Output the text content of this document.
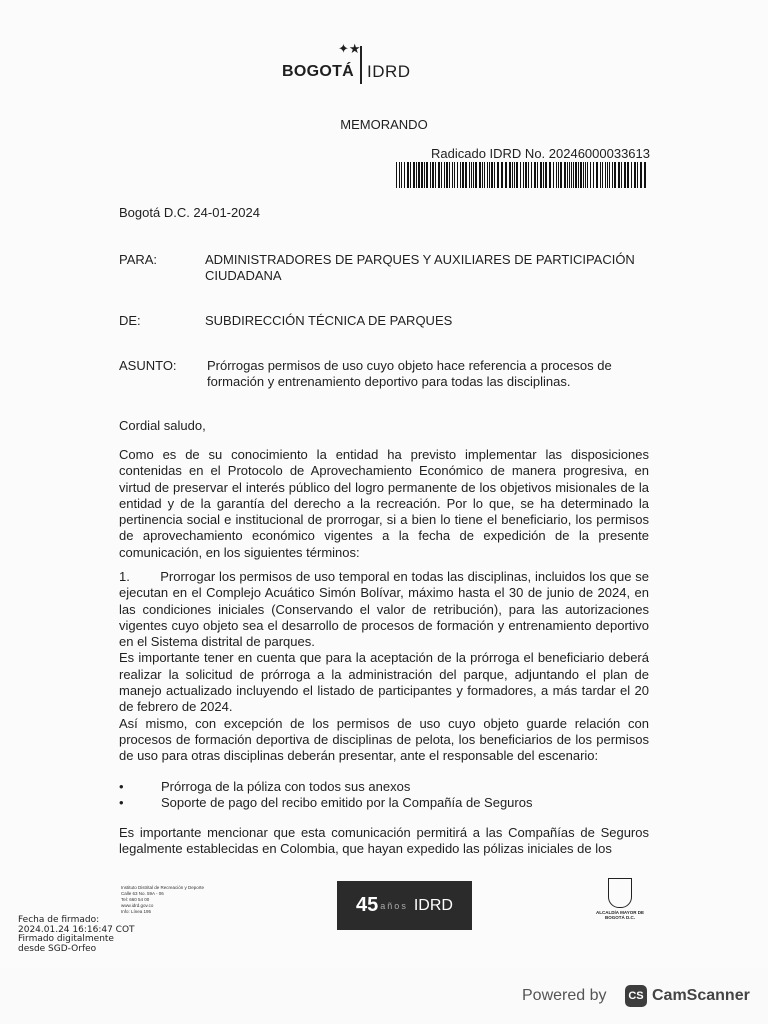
BOGOTÁ
✦★
IDRD
MEMORANDO
Radicado IDRD No. 20246000033613
Bogotá D.C. 24-01-2024
PARA:	ADMINISTRADORES DE PARQUES Y AUXILIARES DE PARTICIPACIÓN CIUDADANA
DE:	SUBDIRECCIÓN TÉCNICA DE PARQUES
ASUNTO: Prórrogas permisos de uso cuyo objeto hace referencia a procesos de formación y entrenamiento deportivo para todas las disciplinas.
Cordial saludo,
Como es de su conocimiento la entidad ha previsto implementar las disposiciones contenidas en el Protocolo de Aprovechamiento Económico de manera progresiva, en virtud de preservar el interés público del logro permanente de los objetivos misionales de la entidad y de la garantía del derecho a la recreación. Por lo que, se ha determinado la pertinencia social e institucional de prorrogar, si a bien lo tiene el beneficiario, los permisos de aprovechamiento económico vigentes a la fecha de expedición de la presente comunicación, en los siguientes términos:

1.        Prorrogar los permisos de uso temporal en todas las disciplinas, incluidos los que se ejecutan en el Complejo Acuático Simón Bolívar, máximo hasta el 30 de junio de 2024, en las condiciones iniciales (Conservando el valor de retribución), para las autorizaciones vigentes cuyo objeto sea el desarrollo de procesos de formación y entrenamiento deportivo en el Sistema distrital de parques.

Es importante tener en cuenta que para la aceptación de la prórroga el beneficiario deberá realizar la solicitud de prórroga a la administración del parque, adjuntando el plan de manejo actualizado incluyendo el listado de participantes y formadores, a más tardar el 20 de febrero de 2024.

Así mismo, con excepción de los permisos de uso cuyo objeto guarde relación con procesos de formación deportiva de disciplinas de pelota, los beneficiarios de los permisos de uso para otras disciplinas deberán presentar, ante el responsable del escenario:

•	Prórroga de la póliza con todos sus anexos
•	Soporte de pago del recibo emitido por la Compañía de Seguros
Es importante mencionar que esta comunicación permitirá a las Compañías de Seguros legalmente establecidas en Colombia, que hayan expedido las pólizas iniciales de los
Instituto Distrital de Recreación y Deporte
Calle 63 No. 59A - 06
Tel: 660 54 00
www.idrd.gov.co
Info: Línea 195
Fecha de firmado:
2024.01.24 16:16:47 COT
Firmado digitalmente
desde SGD-Orfeo
45 años IDRD	ALCALDÍA MAYOR DE BOGOTÁ D.C.
Powered by	CS CamScanner
